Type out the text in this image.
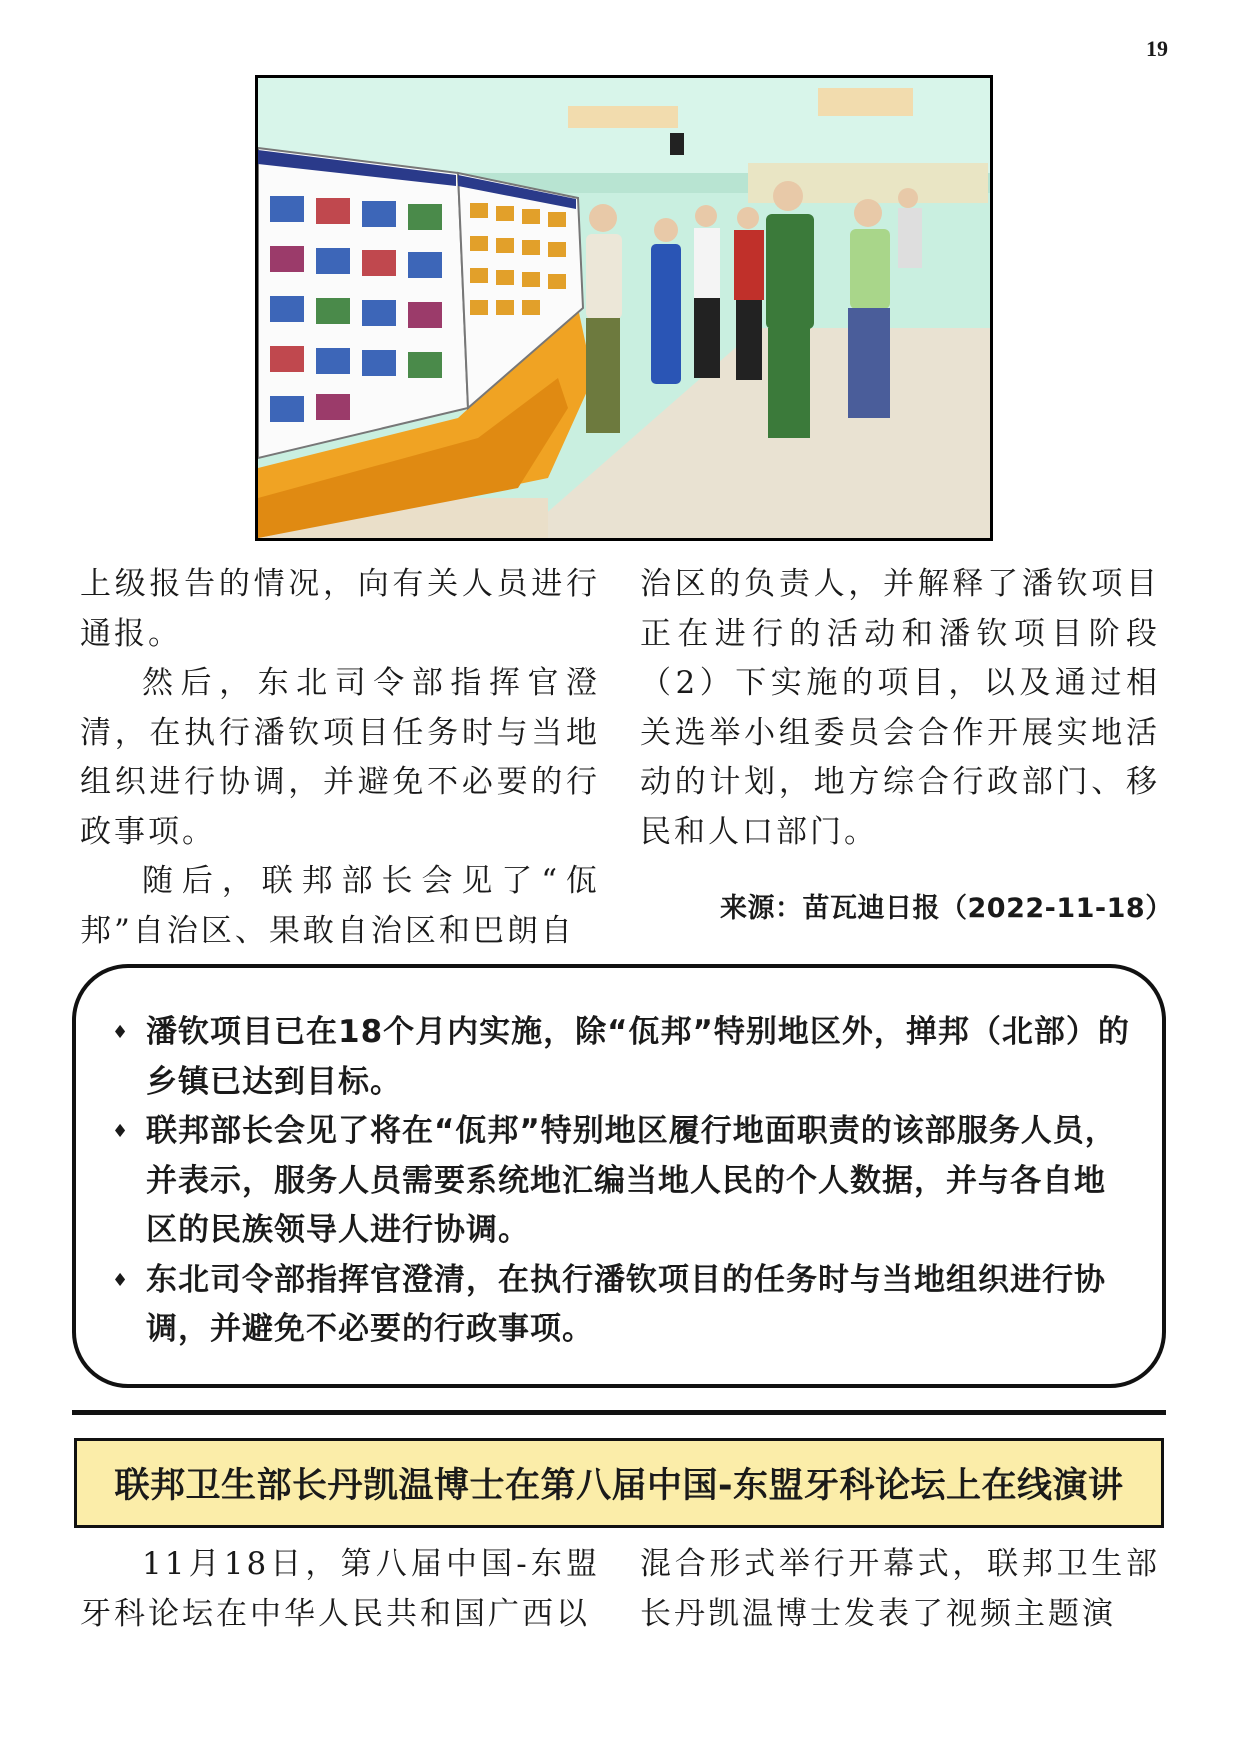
19

上级报告的情况，向有关人员进行通报。

然后，东北司令部指挥官澄清，在执行潘钦项目任务时与当地组织进行协调，并避免不必要的行政事项。

随后，联邦部长会见了“佤邦”自治区、果敢自治区和巴朗自

治区的负责人，并解释了潘钦项目正在进行的活动和潘钦项目阶段（2）下实施的项目，以及通过相关选举小组委员会合作开展实地活动的计划，地方综合行政部门、移民和人口部门。

来源：苗瓦迪日报（2022-11-18）
♦ 潘钦项目已在18个月内实施，除“佤邦”特别地区外，掸邦（北部）的乡镇已达到目标。
♦ 联邦部长会见了将在“佤邦”特别地区履行地面职责的该部服务人员，并表示，服务人员需要系统地汇编当地人民的个人数据，并与各自地区的民族领导人进行协调。
♦ 东北司令部指挥官澄清，在执行潘钦项目的任务时与当地组织进行协调，并避免不必要的行政事项。
联邦卫生部长丹凯温博士在第八届中国-东盟牙科论坛上在线演讲

11月18日，第八届中国-东盟牙科论坛在中华人民共和国广西以

混合形式举行开幕式，联邦卫生部长丹凯温博士发表了视频主题演
